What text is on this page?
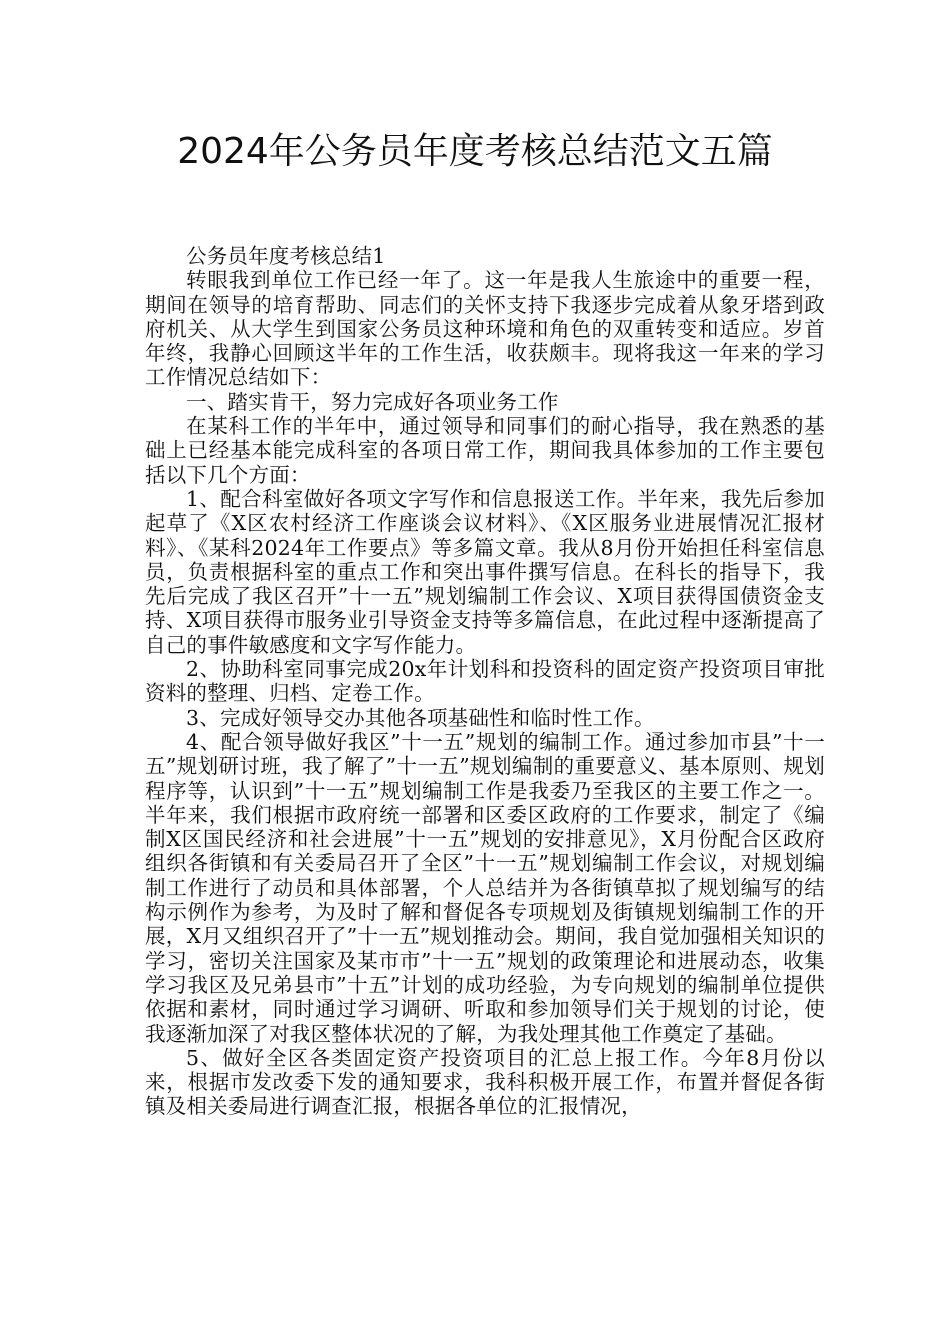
2024年公务员年度考核总结范文五篇

公务员年度考核总结1

转眼我到单位工作已经一年了。这一年是我人生旅途中的重要一程，期间在领导的培育帮助、同志们的关怀支持下我逐步完成着从象牙塔到政府机关、从大学生到国家公务员这种环境和角色的双重转变和适应。岁首年终，我静心回顾这半年的工作生活，收获颇丰。现将我这一年来的学习工作情况总结如下：

一、踏实肯干，努力完成好各项业务工作

在某科工作的半年中，通过领导和同事们的耐心指导，我在熟悉的基础上已经基本能完成科室的各项日常工作，期间我具体参加的工作主要包括以下几个方面：

1、配合科室做好各项文字写作和信息报送工作。半年来，我先后参加起草了《X区农村经济工作座谈会议材料》、《X区服务业进展情况汇报材料》、《某科2024年工作要点》等多篇文章。我从8月份开始担任科室信息员，负责根据科室的重点工作和突出事件撰写信息。在科长的指导下，我先后完成了我区召开”十一五”规划编制工作会议、X项目获得国债资金支持、X项目获得市服务业引导资金支持等多篇信息，在此过程中逐渐提高了自己的事件敏感度和文字写作能力。

2、协助科室同事完成20x年计划科和投资科的固定资产投资项目审批资料的整理、归档、定卷工作。

3、完成好领导交办其他各项基础性和临时性工作。

4、配合领导做好我区”十一五”规划的编制工作。通过参加市县”十一五”规划研讨班，我了解了”十一五”规划编制的重要意义、基本原则、规划程序等，认识到”十一五”规划编制工作是我委乃至我区的主要工作之一。半年来，我们根据市政府统一部署和区委区政府的工作要求，制定了《编制X区国民经济和社会进展”十一五”规划的安排意见》，X月份配合区政府组织各街镇和有关委局召开了全区”十一五”规划编制工作会议，对规划编制工作进行了动员和具体部署，个人总结并为各街镇草拟了规划编写的结构示例作为参考，为及时了解和督促各专项规划及街镇规划编制工作的开展，X月又组织召开了”十一五”规划推动会。期间，我自觉加强相关知识的学习，密切关注国家及某市市”十一五”规划的政策理论和进展动态，收集学习我区及兄弟县市”十五”计划的成功经验，为专向规划的编制单位提供依据和素材，同时通过学习调研、听取和参加领导们关于规划的讨论，使我逐渐加深了对我区整体状况的了解，为我处理其他工作奠定了基础。

5、做好全区各类固定资产投资项目的汇总上报工作。今年8月份以来，根据市发改委下发的通知要求，我科积极开展工作，布置并督促各街镇及相关委局进行调查汇报，根据各单位的汇报情况，
